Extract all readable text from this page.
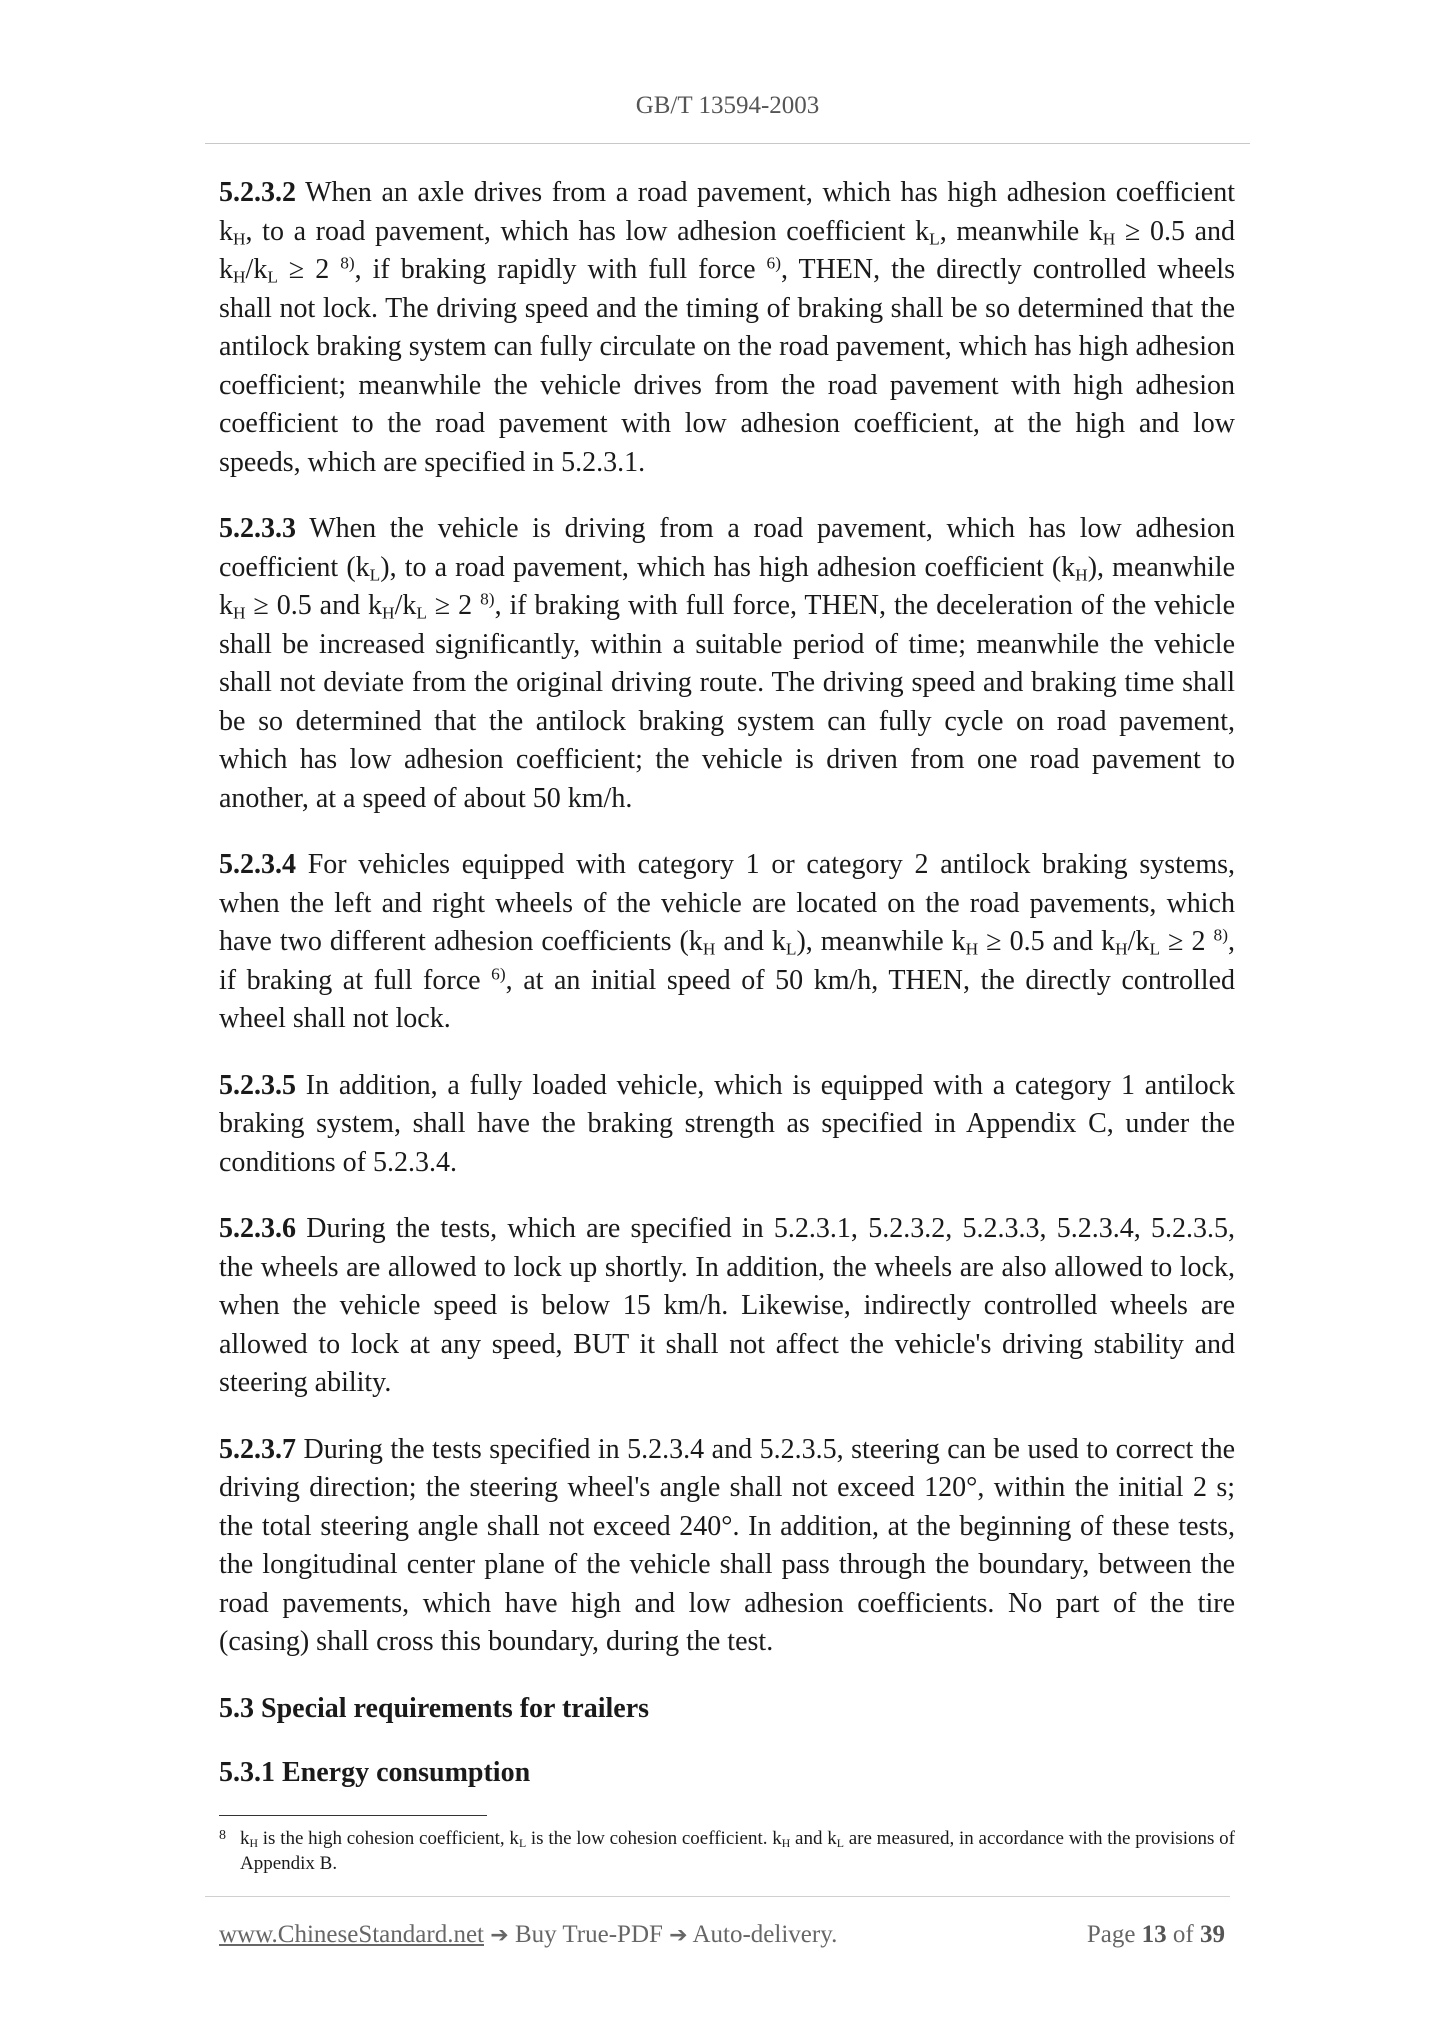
GB/T 13594-2003

5.2.3.2 When an axle drives from a road pavement, which has high adhesion coefficient $k_H$, to a road pavement, which has low adhesion coefficient $k_L$, meanwhile $k_H \ge 0.5$ and $k_H/k_L \ge 2$ $^{8)}$, if braking rapidly with full force $^{6)}$, THEN, the directly controlled wheels shall not lock. The driving speed and the timing of braking shall be so determined that the antilock braking system can fully circulate on the road pavement, which has high adhesion coefficient; meanwhile the vehicle drives from the road pavement with high adhesion coefficient to the road pavement with low adhesion coefficient, at the high and low speeds, which are specified in 5.2.3.1.

5.2.3.3 When the vehicle is driving from a road pavement, which has low adhesion coefficient $(k_L)$, to a road pavement, which has high adhesion coefficient $(k_H)$, meanwhile $k_H \ge 0.5$ and $k_H/k_L \ge 2$ $^{8)}$, if braking with full force, THEN, the deceleration of the vehicle shall be increased significantly, within a suitable period of time; meanwhile the vehicle shall not deviate from the original driving route. The driving speed and braking time shall be so determined that the antilock braking system can fully cycle on road pavement, which has low adhesion coefficient; the vehicle is driven from one road pavement to another, at a speed of about 50 km/h.

5.2.3.4 For vehicles equipped with category 1 or category 2 antilock braking systems, when the left and right wheels of the vehicle are located on the road pavements, which have two different adhesion coefficients ($k_H$ and $k_L$), meanwhile $k_H \ge 0.5$ and $k_H/k_L \ge 2$ $^{8)}$, if braking at full force $^{6)}$, at an initial speed of 50 km/h, THEN, the directly controlled wheel shall not lock.

5.2.3.5 In addition, a fully loaded vehicle, which is equipped with a category 1 antilock braking system, shall have the braking strength as specified in Appendix C, under the conditions of 5.2.3.4.

5.2.3.6 During the tests, which are specified in 5.2.3.1, 5.2.3.2, 5.2.3.3, 5.2.3.4, 5.2.3.5, the wheels are allowed to lock up shortly. In addition, the wheels are also allowed to lock, when the vehicle speed is below 15 km/h. Likewise, indirectly controlled wheels are allowed to lock at any speed, BUT it shall not affect the vehicle's driving stability and steering ability.

5.2.3.7 During the tests specified in 5.2.3.4 and 5.2.3.5, steering can be used to correct the driving direction; the steering wheel's angle shall not exceed 120°, within the initial 2 s; the total steering angle shall not exceed 240°. In addition, at the beginning of these tests, the longitudinal center plane of the vehicle shall pass through the boundary, between the road pavements, which have high and low adhesion coefficients. No part of the tire (casing) shall cross this boundary, during the test.

5.3 Special requirements for trailers
5.3.1 Energy consumption
8 $k_H$ is the high cohesion coefficient, $k_L$ is the low cohesion coefficient. $k_H$ and $k_L$ are measured, in accordance with the provisions of Appendix B.
www.ChineseStandard.net ➔ Buy True-PDF ➔ Auto-delivery.	Page 13 of 39
